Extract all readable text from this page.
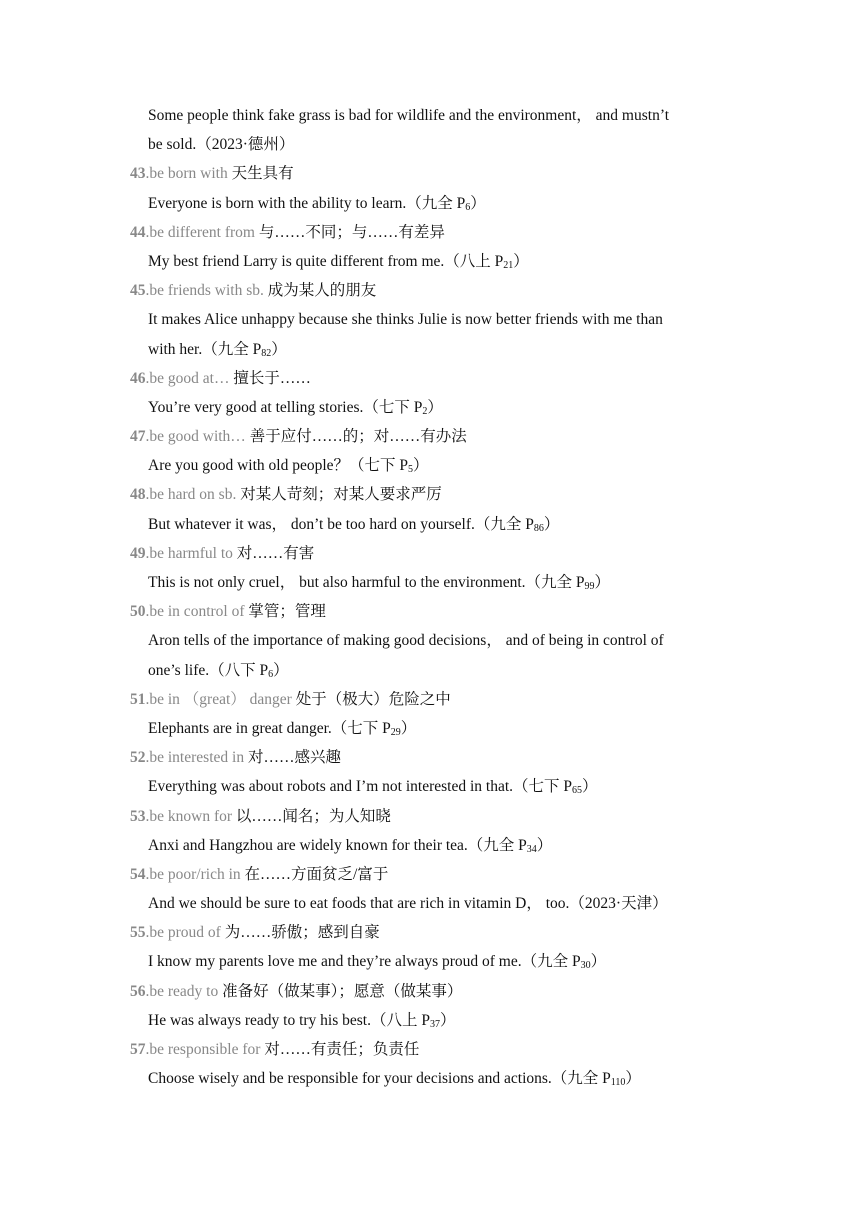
Some people think fake grass is bad for wildlife and the environment， and mustn’t
be sold.（2023·德州）
43.be born with 天生具有
Everyone is born with the ability to learn.（九全 $P_6$）
44.be different from 与……不同；与……有差异
My best friend Larry is quite different from me.（八上 $P_{21}$）
45.be friends with sb. 成为某人的朋友
It makes Alice unhappy because she thinks Julie is now better friends with me than
with her.（九全 $P_{82}$）
46.be good at… 擅长于……
You’re very good at telling stories.（七下 $P_2$）
47.be good with… 善于应付……的；对……有办法
Are you good with old people？（七下 $P_5$）
48.be hard on sb. 对某人苛刻；对某人要求严厉
But whatever it was， don’t be too hard on yourself.（九全 $P_{86}$）
49.be harmful to 对……有害
This is not only cruel， but also harmful to the environment.（九全 $P_{99}$）
50.be in control of 掌管；管理
Aron tells of the importance of making good decisions， and of being in control of
one’s life.（八下 $P_6$）
51.be in （great） danger 处于（极大）危险之中
Elephants are in great danger.（七下 $P_{29}$）
52.be interested in 对……感兴趣
Everything was about robots and I’m not interested in that.（七下 $P_{65}$）
53.be known for 以……闻名；为人知晓
Anxi and Hangzhou are widely known for their tea.（九全 $P_{34}$）
54.be poor/rich in 在……方面贫乏/富于
And we should be sure to eat foods that are rich in vitamin D， too.（2023·天津）
55.be proud of 为……骄傲；感到自豪
I know my parents love me and they’re always proud of me.（九全 $P_{30}$）
56.be ready to 准备好（做某事）；愿意（做某事）
He was always ready to try his best.（八上 $P_{37}$）
57.be responsible for 对……有责任；负责任
Choose wisely and be responsible for your decisions and actions.（九全 $P_{110}$）
